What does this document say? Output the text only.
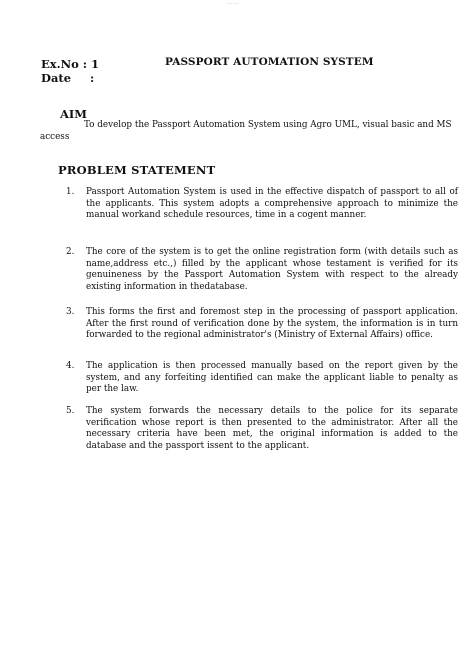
........
Ex.No : 1
Date :
PASSPORT AUTOMATION SYSTEM
AIM
access
To develop the Passport Automation System using Agro UML, visual basic and MS
PROBLEM STATEMENT
1.	Passport Automation System is used in the effective dispatch of passport to all of the applicants. This system adopts a comprehensive approach to minimize the manual workand schedule resources, time in a cogent manner.
2.	The core of the system is to get the online registration form (with details such as name,address etc.,) filled by the applicant whose testament is verified for its genuineness by the Passport Automation System with respect to the already existing information in thedatabase.
3.	This forms the first and foremost step in the processing of passport application. After the first round of verification done by the system, the information is in turn forwarded to the regional administrator's (Ministry of External Affairs) office.
4.	The application is then processed manually based on the report given by the system, and any forfeiting identified can make the applicant liable to penalty as per the law.
5.	The system forwards the necessary details to the police for its separate verification whose report is then presented to the administrator. After all the necessary criteria have been met, the original information is added to the database and the passport issent to the applicant.
